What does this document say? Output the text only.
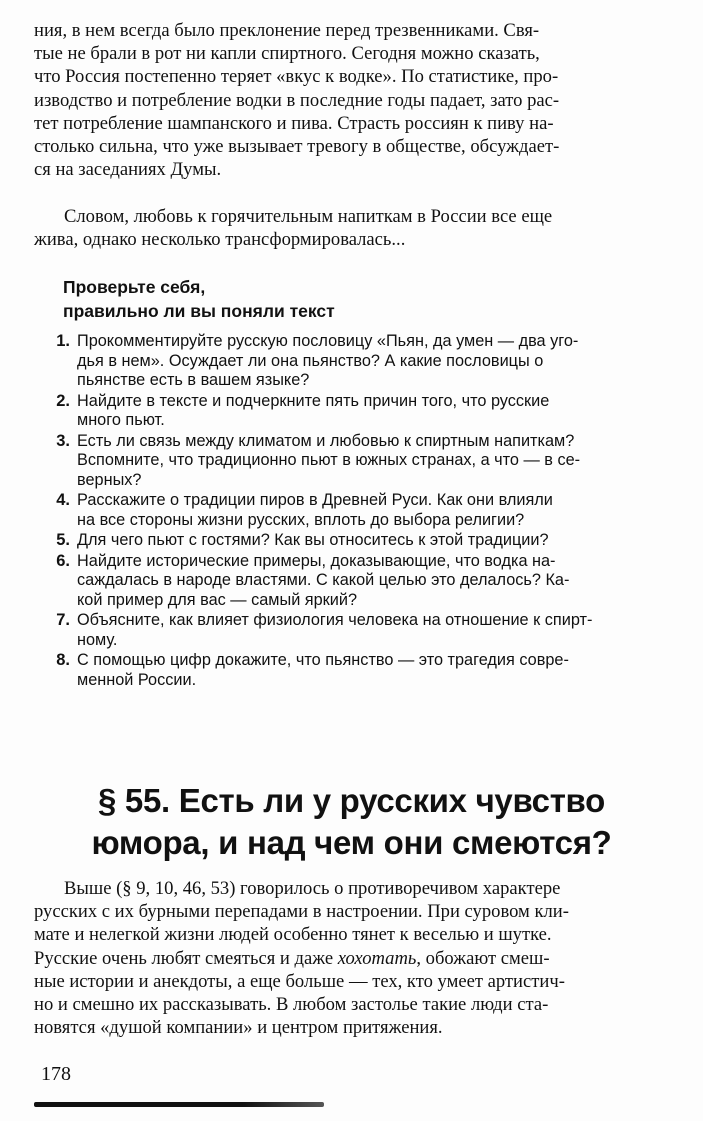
ния, в нем всегда было преклонение перед трезвенниками. Свя-
тые не брали в рот ни капли спиртного. Сегодня можно сказать,
что Россия постепенно теряет «вкус к водке». По статистике, про-
изводство и потребление водки в последние годы падает, зато рас-
тет потребление шампанского и пива. Страсть россиян к пиву на-
столько сильна, что уже вызывает тревогу в обществе, обсуждает-
ся на заседаниях Думы.
Словом, любовь к горячительным напиткам в России все еще
жива, однако несколько трансформировалась...
Проверьте себя,
правильно ли вы поняли текст
1. Прокомментируйте русскую пословицу «Пьян, да умен — два уго-
дья в нем». Осуждает ли она пьянство? А какие пословицы о
пьянстве есть в вашем языке?
2. Найдите в тексте и подчеркните пять причин того, что русские
много пьют.
3. Есть ли связь между климатом и любовью к спиртным напиткам?
Вспомните, что традиционно пьют в южных странах, а что — в се-
верных?
4. Расскажите о традиции пиров в Древней Руси. Как они влияли
на все стороны жизни русских, вплоть до выбора религии?
5. Для чего пьют с гостями? Как вы относитесь к этой традиции?
6. Найдите исторические примеры, доказывающие, что водка на-
саждалась в народе властями. С какой целью это делалось? Ка-
кой пример для вас — самый яркий?
7. Объясните, как влияет физиология человека на отношение к спирт-
ному.
8. С помощью цифр докажите, что пьянство — это трагедия совре-
менной России.
§ 55. Есть ли у русских чувство
юмора, и над чем они смеются?
Выше (§ 9, 10, 46, 53) говорилось о противоречивом характере
русских с их бурными перепадами в настроении. При суровом кли-
мате и нелегкой жизни людей особенно тянет к веселью и шутке.
Русские очень любят смеяться и даже хохотать, обожают смеш-
ные истории и анекдоты, а еще больше — тех, кто умеет артистич-
но и смешно их рассказывать. В любом застолье такие люди ста-
новятся «душой компании» и центром притяжения.
178
